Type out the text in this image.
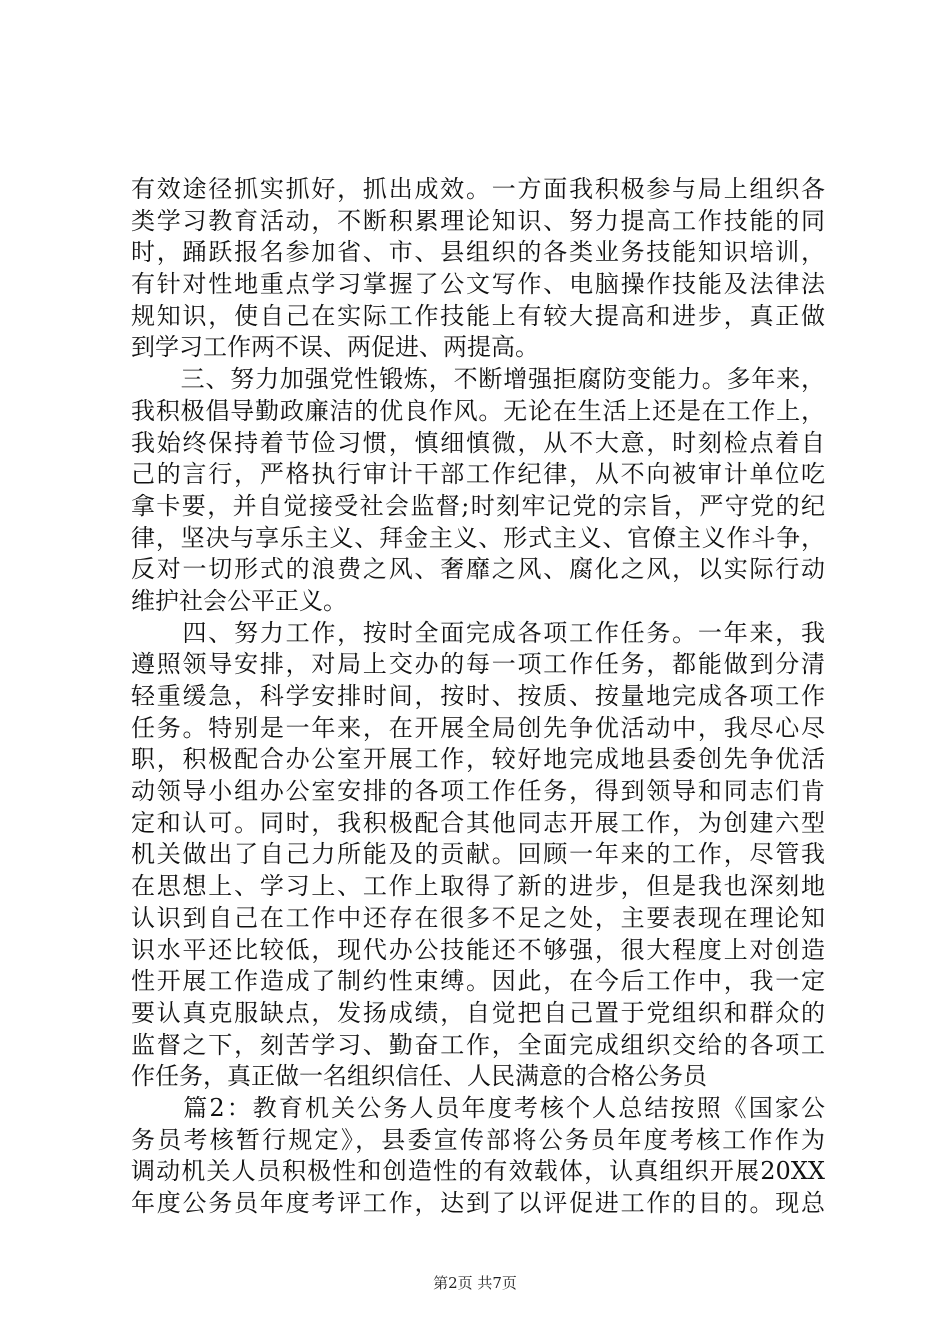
有效途径抓实抓好，抓出成效。一方面我积极参与局上组织各
类学习教育活动，不断积累理论知识、努力提高工作技能的同
时，踊跃报名参加省、市、县组织的各类业务技能知识培训，
有针对性地重点学习掌握了公文写作、电脑操作技能及法律法
规知识，使自己在实际工作技能上有较大提高和进步，真正做
到学习工作两不误、两促进、两提高。
　　三、努力加强党性锻炼，不断增强拒腐防变能力。多年来，
我积极倡导勤政廉洁的优良作风。无论在生活上还是在工作上，
我始终保持着节俭习惯，慎细慎微，从不大意，时刻检点着自
己的言行，严格执行审计干部工作纪律，从不向被审计单位吃
拿卡要，并自觉接受社会监督;时刻牢记党的宗旨，严守党的纪
律，坚决与享乐主义、拜金主义、形式主义、官僚主义作斗争，
反对一切形式的浪费之风、奢靡之风、腐化之风，以实际行动
维护社会公平正义。
　　四、努力工作，按时全面完成各项工作任务。一年来，我
遵照领导安排，对局上交办的每一项工作任务，都能做到分清
轻重缓急，科学安排时间，按时、按质、按量地完成各项工作
任务。特别是一年来，在开展全局创先争优活动中，我尽心尽
职，积极配合办公室开展工作，较好地完成地县委创先争优活
动领导小组办公室安排的各项工作任务，得到领导和同志们肯
定和认可。同时，我积极配合其他同志开展工作，为创建六型
机关做出了自己力所能及的贡献。回顾一年来的工作，尽管我
在思想上、学习上、工作上取得了新的进步，但是我也深刻地
认识到自己在工作中还存在很多不足之处，主要表现在理论知
识水平还比较低，现代办公技能还不够强，很大程度上对创造
性开展工作造成了制约性束缚。因此，在今后工作中，我一定
要认真克服缺点，发扬成绩，自觉把自己置于党组织和群众的
监督之下，刻苦学习、勤奋工作，全面完成组织交给的各项工
作任务，真正做一名组织信任、人民满意的合格公务员
　　篇2：教育机关公务人员年度考核个人总结按照《国家公
务员考核暂行规定》，县委宣传部将公务员年度考核工作作为
调动机关人员积极性和创造性的有效载体，认真组织开展20XX
年度公务员年度考评工作，达到了以评促进工作的目的。现总
第2页 共7页
